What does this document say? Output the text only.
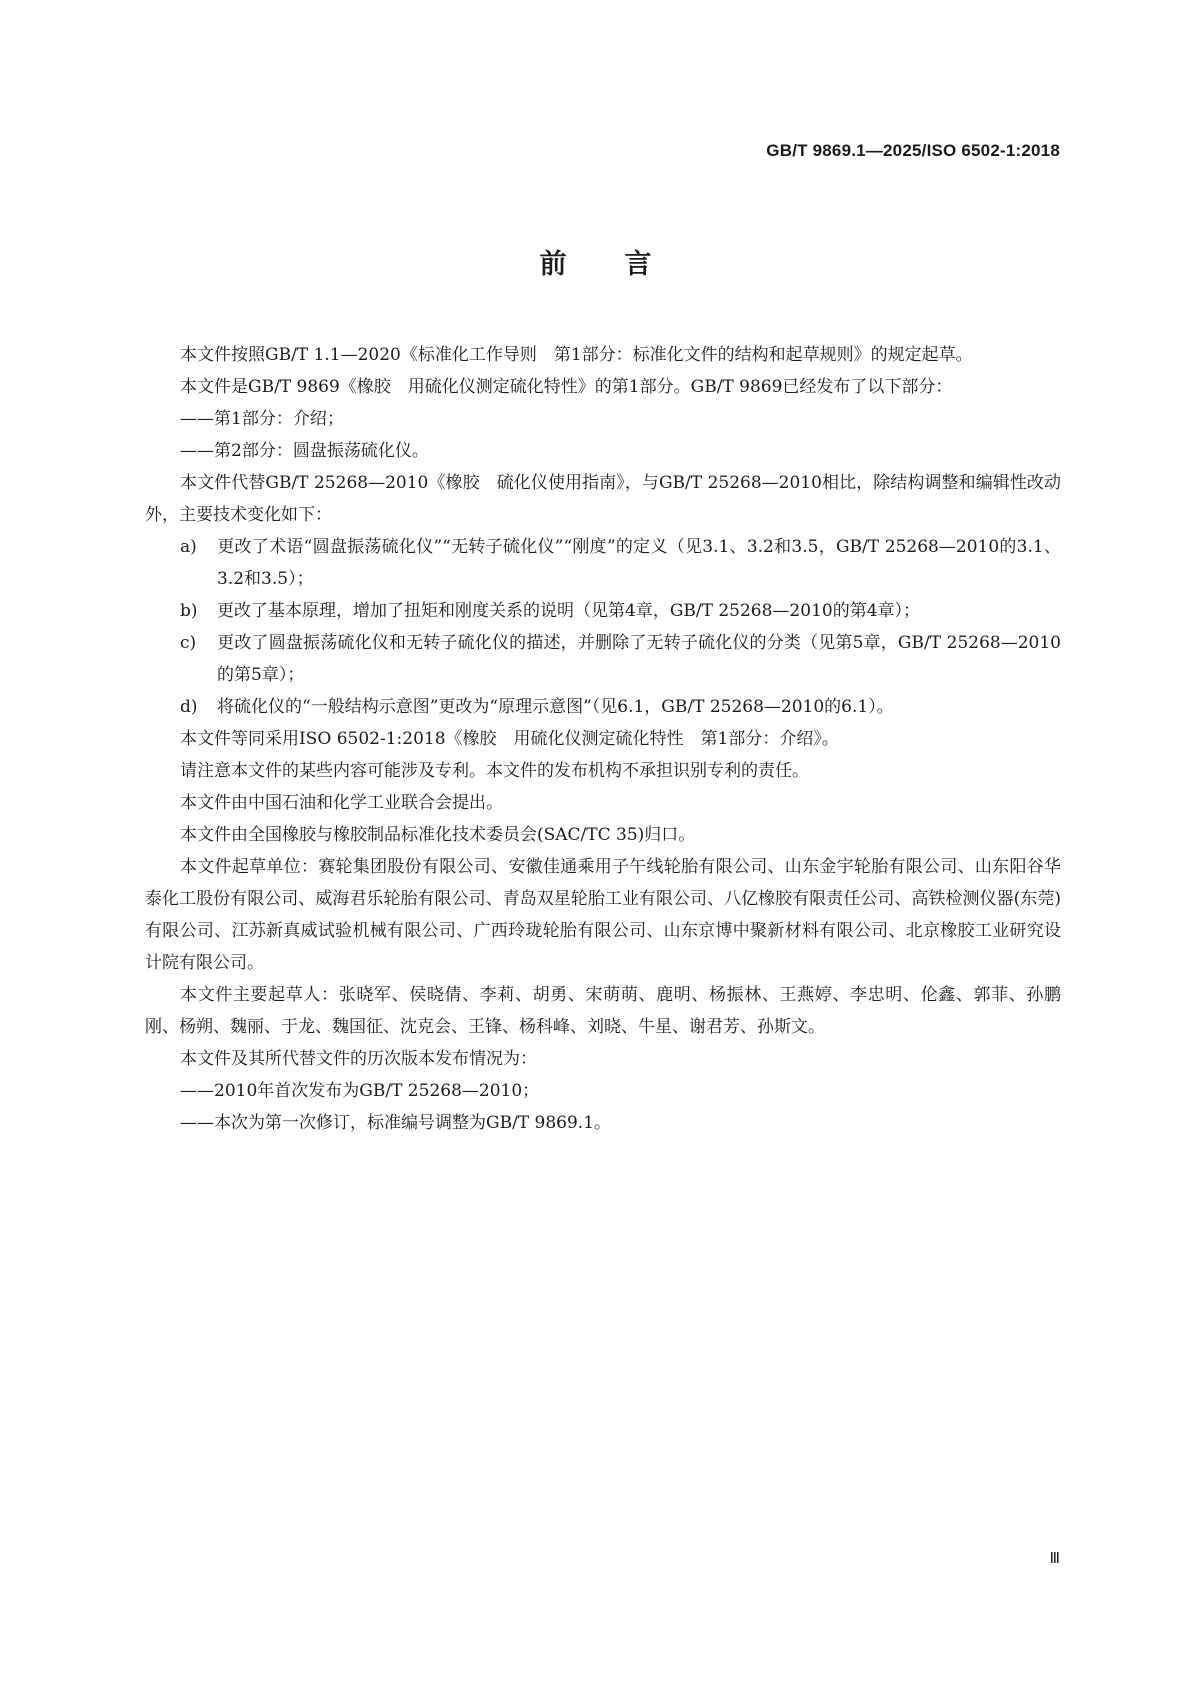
GB/T 9869.1—2025/ISO 6502-1:2018
前 言

本文件按照GB/T 1.1—2020《标准化工作导则　第1部分：标准化文件的结构和起草规则》的规定起草。

本文件是GB/T 9869《橡胶　用硫化仪测定硫化特性》的第1部分。GB/T 9869已经发布了以下部分：

——第1部分：介绍；

——第2部分：圆盘振荡硫化仪。

本文件代替GB/T 25268—2010《橡胶　硫化仪使用指南》，与GB/T 25268—2010相比，除结构调整和编辑性改动外，主要技术变化如下：

a) 更改了术语“圆盘振荡硫化仪”“无转子硫化仪”“刚度”的定义（见3.1、3.2和3.5，GB/T 25268—2010的3.1、3.2和3.5）；

b) 更改了基本原理，增加了扭矩和刚度关系的说明（见第4章，GB/T 25268—2010的第4章）；

c) 更改了圆盘振荡硫化仪和无转子硫化仪的描述，并删除了无转子硫化仪的分类（见第5章，GB/T 25268—2010的第5章）；

d) 将硫化仪的“一般结构示意图”更改为“原理示意图”（见6.1，GB/T 25268—2010的6.1）。

本文件等同采用ISO 6502-1:2018《橡胶　用硫化仪测定硫化特性　第1部分：介绍》。

请注意本文件的某些内容可能涉及专利。本文件的发布机构不承担识别专利的责任。

本文件由中国石油和化学工业联合会提出。

本文件由全国橡胶与橡胶制品标准化技术委员会(SAC/TC 35)归口。

本文件起草单位：赛轮集团股份有限公司、安徽佳通乘用子午线轮胎有限公司、山东金宇轮胎有限公司、山东阳谷华泰化工股份有限公司、威海君乐轮胎有限公司、青岛双星轮胎工业有限公司、八亿橡胶有限责任公司、高铁检测仪器(东莞)有限公司、江苏新真威试验机械有限公司、广西玲珑轮胎有限公司、山东京博中聚新材料有限公司、北京橡胶工业研究设计院有限公司。

本文件主要起草人：张晓军、侯晓倩、李莉、胡勇、宋萌萌、鹿明、杨振林、王燕婷、李忠明、伦鑫、郭菲、孙鹏刚、杨朔、魏丽、于龙、魏国征、沈克会、王锋、杨科峰、刘晓、牛星、谢君芳、孙斯文。

本文件及其所代替文件的历次版本发布情况为：

——2010年首次发布为GB/T 25268—2010；

——本次为第一次修订，标准编号调整为GB/T 9869.1。

Ⅲ
